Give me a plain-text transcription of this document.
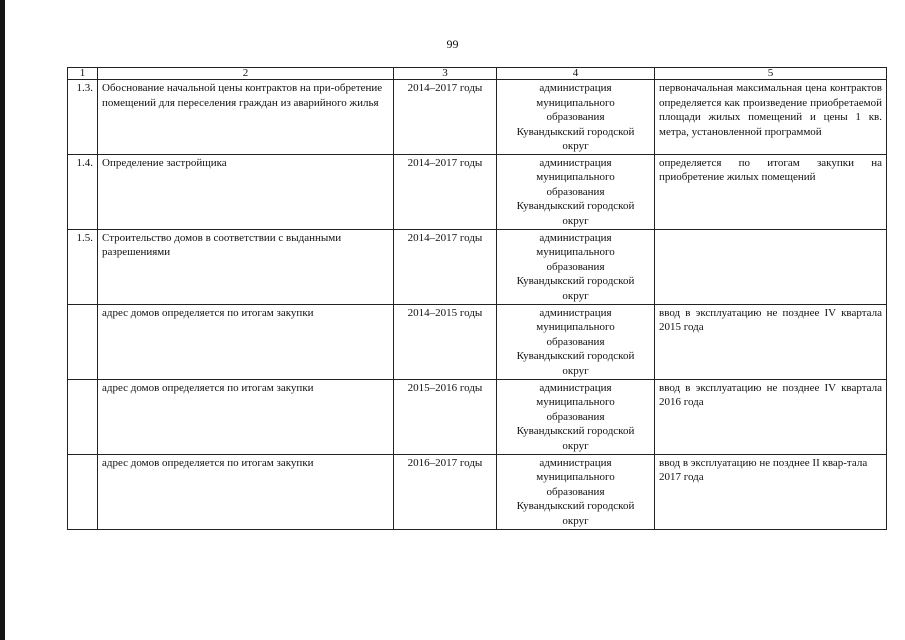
99
1	2	3	4	5
1.3.	Обоснование начальной цены контрактов на при-обретение помещений для переселения граждан из аварийного жилья	2014–2017 годы	администрация
муниципального
образования
Кувандыкский городской
округ	первоначальная максимальная цена контрактов определяется как произведение приобретаемой площади жилых помещений и цены 1 кв. метра, установленной программой
1.4.	Определение застройщика	2014–2017 годы	администрация
муниципального
образования
Кувандыкский городской
округ	определяется по итогам закупки на приобретение жилых помещений
1.5.	Строительство домов в соответствии с выданными разрешениями	2014–2017 годы	администрация
муниципального
образования
Кувандыкский городской
округ	

	адрес домов определяется по итогам закупки	2014–2015 годы	администрация
муниципального
образования
Кувандыкский городской
округ	ввод в эксплуатацию не позднее IV квартала 2015 года
	адрес домов определяется по итогам закупки	2015–2016 годы	администрация
муниципального
образования
Кувандыкский городской
округ	ввод в эксплуатацию не позднее IV квартала 2016 года
	адрес домов определяется по итогам закупки	2016–2017 годы	администрация
муниципального
образования
Кувандыкский городской
округ	ввод в эксплуатацию не позднее II квар-тала 2017 года
